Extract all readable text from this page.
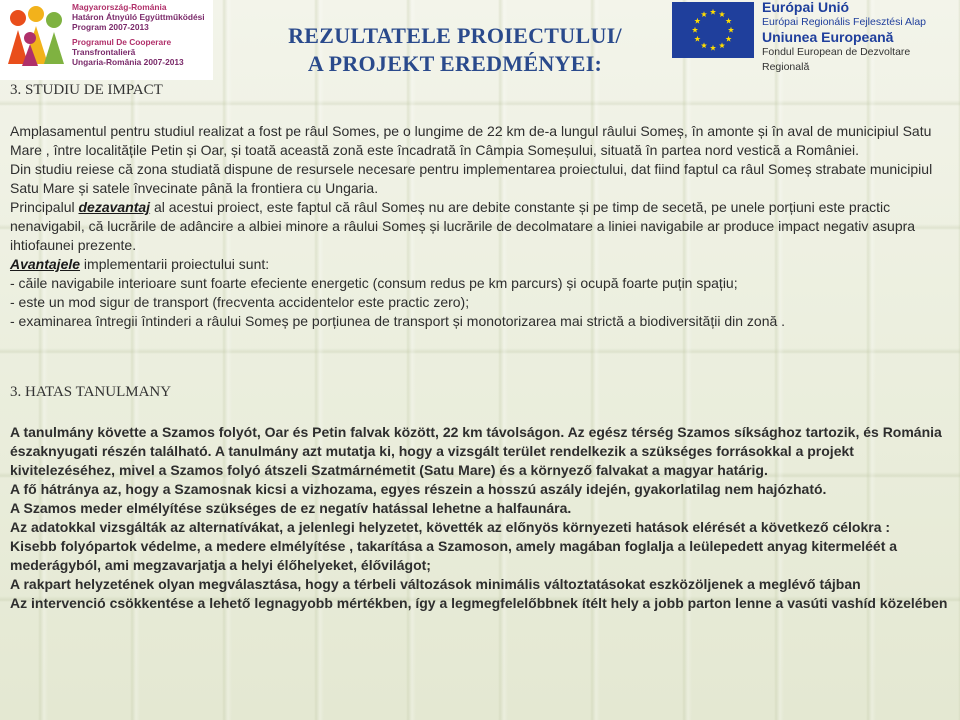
Magyarország-Románia
Határon Átnyúló Együttműködési
Program 2007-2013
Programul De Cooperare
Transfrontalieră
Ungaria-România 2007-2013
3. STUDIU DE IMPACT
REZULTATELE PROIECTULUI/
A PROJEKT EREDMÉNYEI:
Európai Unió
Európai Regionális Fejlesztési Alap
Uniunea Europeană
Fondul European de Dezvoltare Regională

Amplasamentul pentru studiul realizat a fost pe râul Somes, pe o lungime de 22 km de-a lungul râului Someș, în amonte și în aval de municipiul Satu Mare , între localitățile Petin și Oar, și toată această zonă este încadrată în Câmpia Someșului, situată în partea nord vestică a României.

Din studiu reiese că zona studiată dispune de resursele necesare pentru implementarea proiectului, dat fiind faptul ca râul Someș strabate municipiul Satu Mare și satele învecinate până la frontiera cu Ungaria.

Principalul dezavantaj al acestui proiect, este faptul că râul Someș nu are debite constante și pe timp de secetă, pe unele porțiuni este practic nenavigabil, că lucrările de adâncire a albiei minore a râului Someș și lucrările de decolmatare a liniei navigabile ar produce impact negativ asupra ihtiofaunei prezente.

Avantajele implementarii proiectului sunt:

- căile navigabile interioare sunt foarte efeciente energetic (consum redus pe km parcurs) și ocupă foarte puțin spațiu;

- este un mod sigur de transport (frecventa accidentelor este practic zero);

- examinarea întregii întinderi a râului Someș pe porțiunea de transport și monotorizarea mai strictă a biodiversității din zonă .

3. HATAS TANULMANY

A tanulmány követte a Szamos folyót, Oar és Petin falvak között, 22 km távolságon. Az egész térség Szamos síksághoz tartozik, és Románia északnyugati részén található. A tanulmány azt mutatja ki, hogy a vizsgált terület rendelkezik a szükséges forrásokkal a projekt kivitelezéséhez, mivel a Szamos folyó átszeli Szatmárnémetit (Satu Mare) és a környező falvakat a magyar határig.

A fő hátránya az, hogy a Szamosnak kicsi a vizhozama, egyes részein a hosszú aszály idején, gyakorlatilag nem hajózható.

A Szamos meder elmélyítése szükséges de ez negatív hatással lehetne a halfaunára.

Az adatokkal vizsgálták az alternatívákat, a jelenlegi helyzetet, követték az előnyös környezeti hatások elérését a következő célokra :

Kisebb folyópartok védelme, a medere elmélyítése , takarítása a Szamoson, amely magában foglalja a leülepedett anyag kitermeléét a mederágyból, ami megzavarjatja a helyi élőhelyeket, élővilágot;

A rakpart helyzetének olyan megválasztása, hogy a térbeli változások minimális változtatásokat eszközöljenek a meglévő tájban

Az intervenció csökkentése a lehető legnagyobb mértékben, így a legmegfelelőbbnek ítélt hely a jobb parton lenne a vasúti vashíd közelében
